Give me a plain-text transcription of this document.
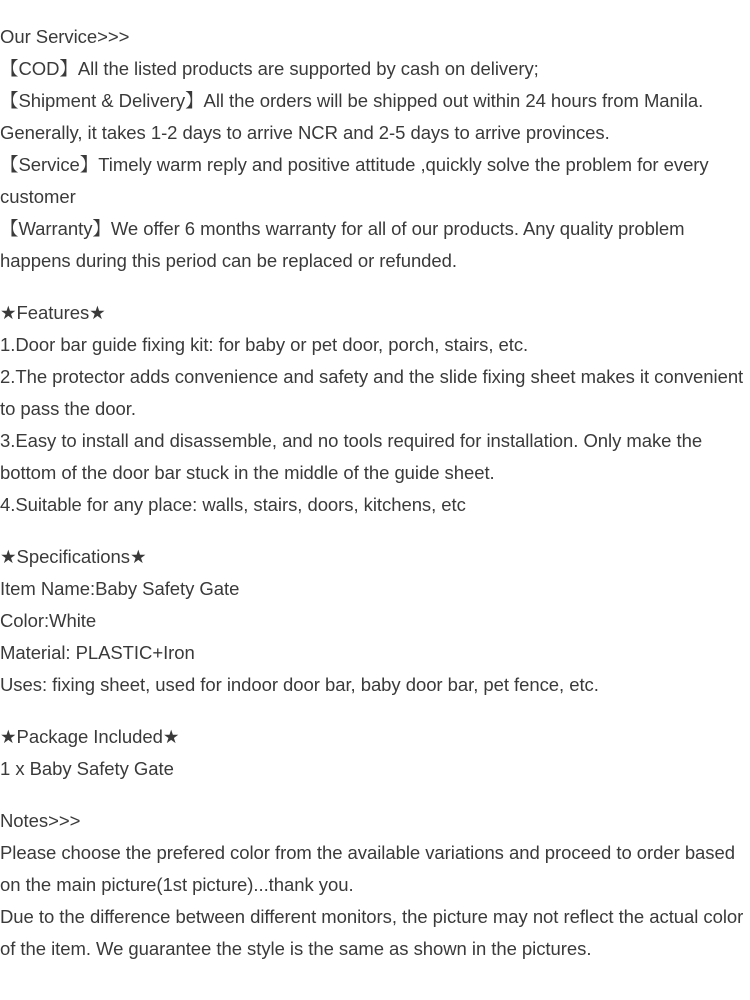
Our Service>>>
【COD】All the listed products are supported by cash on delivery;
【Shipment & Delivery】All the orders will be shipped out within 24 hours from Manila. Generally, it takes 1-2 days to arrive NCR and 2-5 days to arrive provinces.
【Service】Timely warm reply and positive attitude ,quickly solve the problem for every customer
【Warranty】We offer 6 months warranty for all of our products. Any quality problem happens during this period can be replaced or refunded.
★Features★
1.Door bar guide fixing kit: for baby or pet door, porch, stairs, etc.
2.The protector adds convenience and safety and the slide fixing sheet makes it convenient to pass the door.
3.Easy to install and disassemble, and no tools required for installation. Only make the bottom of the door bar stuck in the middle of the guide sheet.
4.Suitable for any place: walls, stairs, doors, kitchens, etc
★Specifications★
Item Name:Baby Safety Gate
Color:White
Material: PLASTIC+Iron
Uses: fixing sheet, used for indoor door bar, baby door bar, pet fence, etc.
★Package Included★
1 x Baby Safety Gate
Notes>>>
Please choose the prefered color from the available variations and proceed to order based on the main picture(1st picture)...thank you.
Due to the difference between different monitors, the picture may not reflect the actual color of the item. We guarantee the style is the same as shown in the pictures.
